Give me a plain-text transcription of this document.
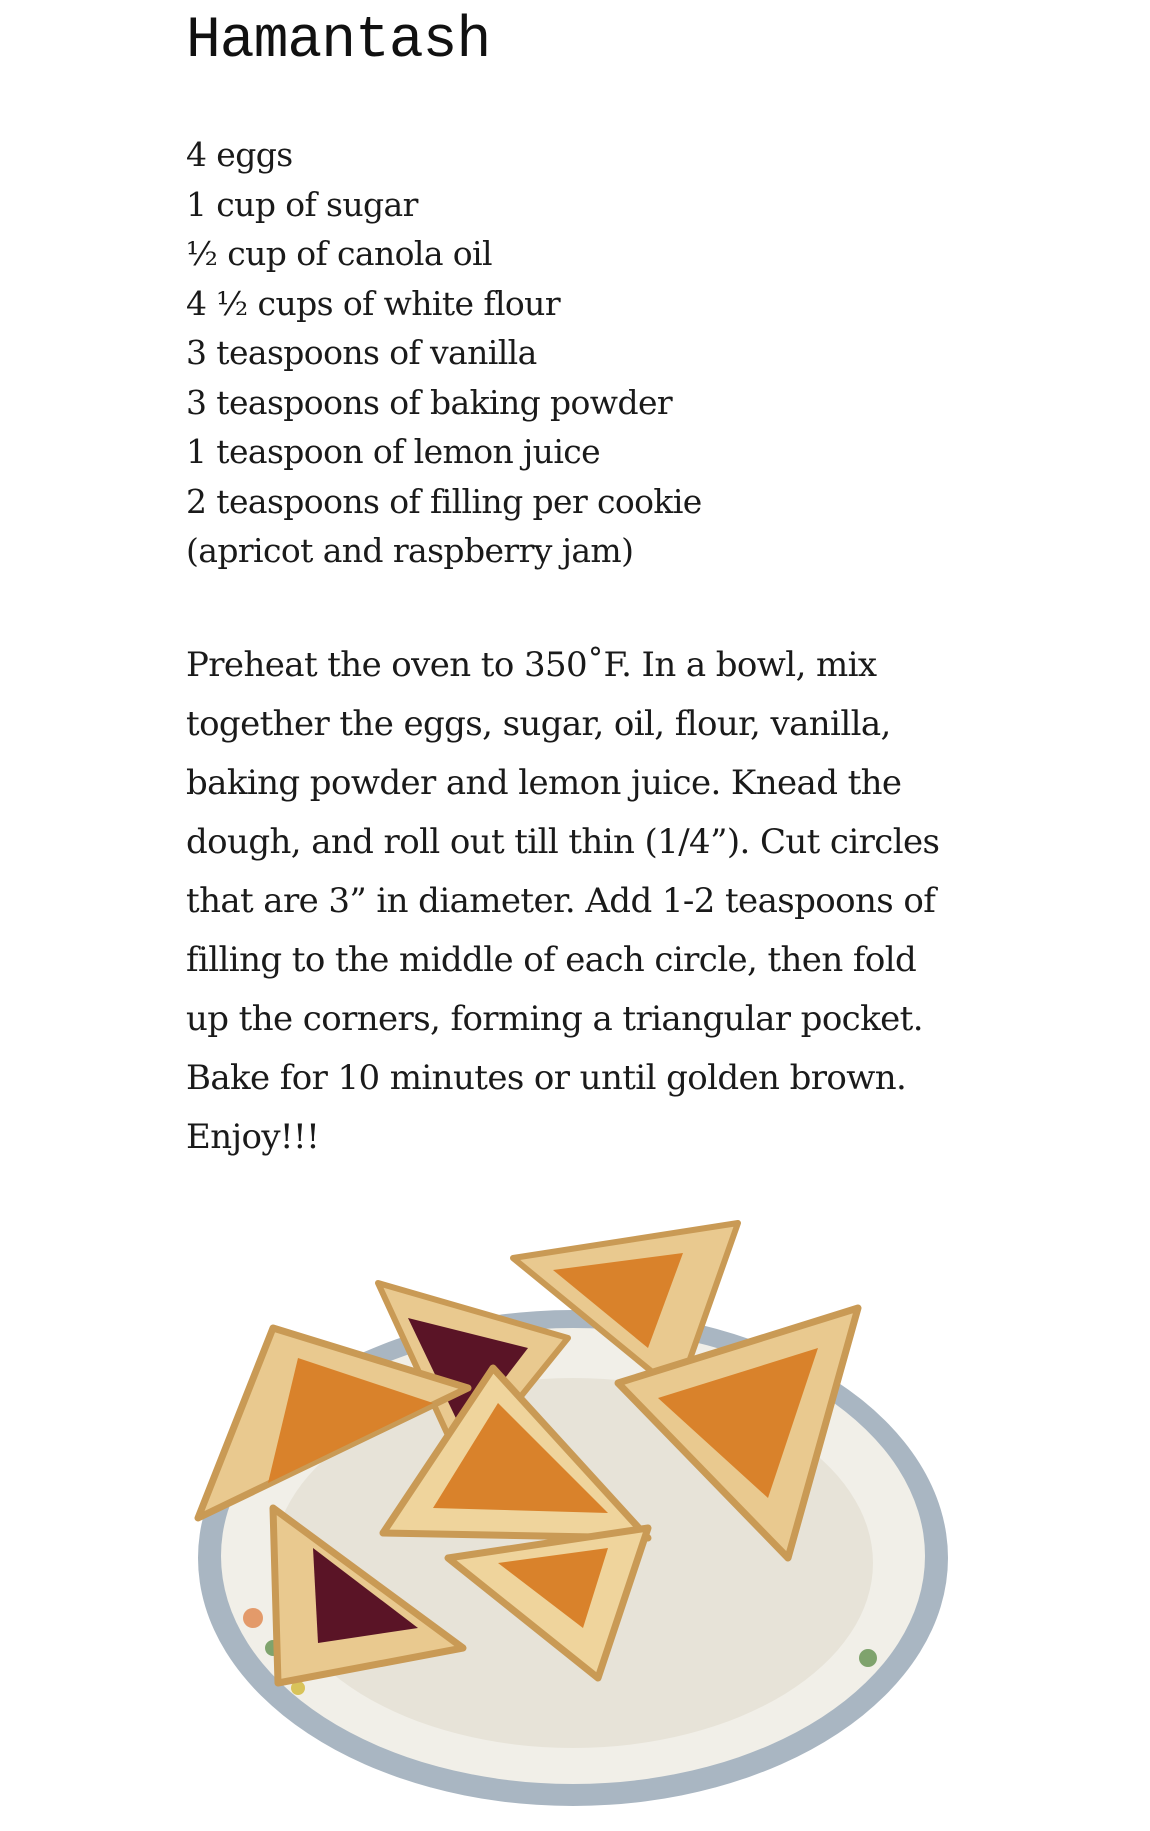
Hamantash
4 eggs
1 cup of sugar
½ cup of canola oil
4 ½ cups of white flour
3 teaspoons of vanilla
3 teaspoons of baking powder
1 teaspoon of lemon juice
2 teaspoons of filling per cookie
(apricot and raspberry jam)

Preheat the oven to 350˚F. In a bowl, mix together the eggs, sugar, oil, flour, vanilla, baking powder and lemon juice. Knead the dough, and roll out till thin (1/4”). Cut circles that are 3” in diameter. Add 1-2 teaspoons of filling to the middle of each circle, then fold up the corners, forming a triangular pocket. Bake for 10 minutes or until golden brown. Enjoy!!!
